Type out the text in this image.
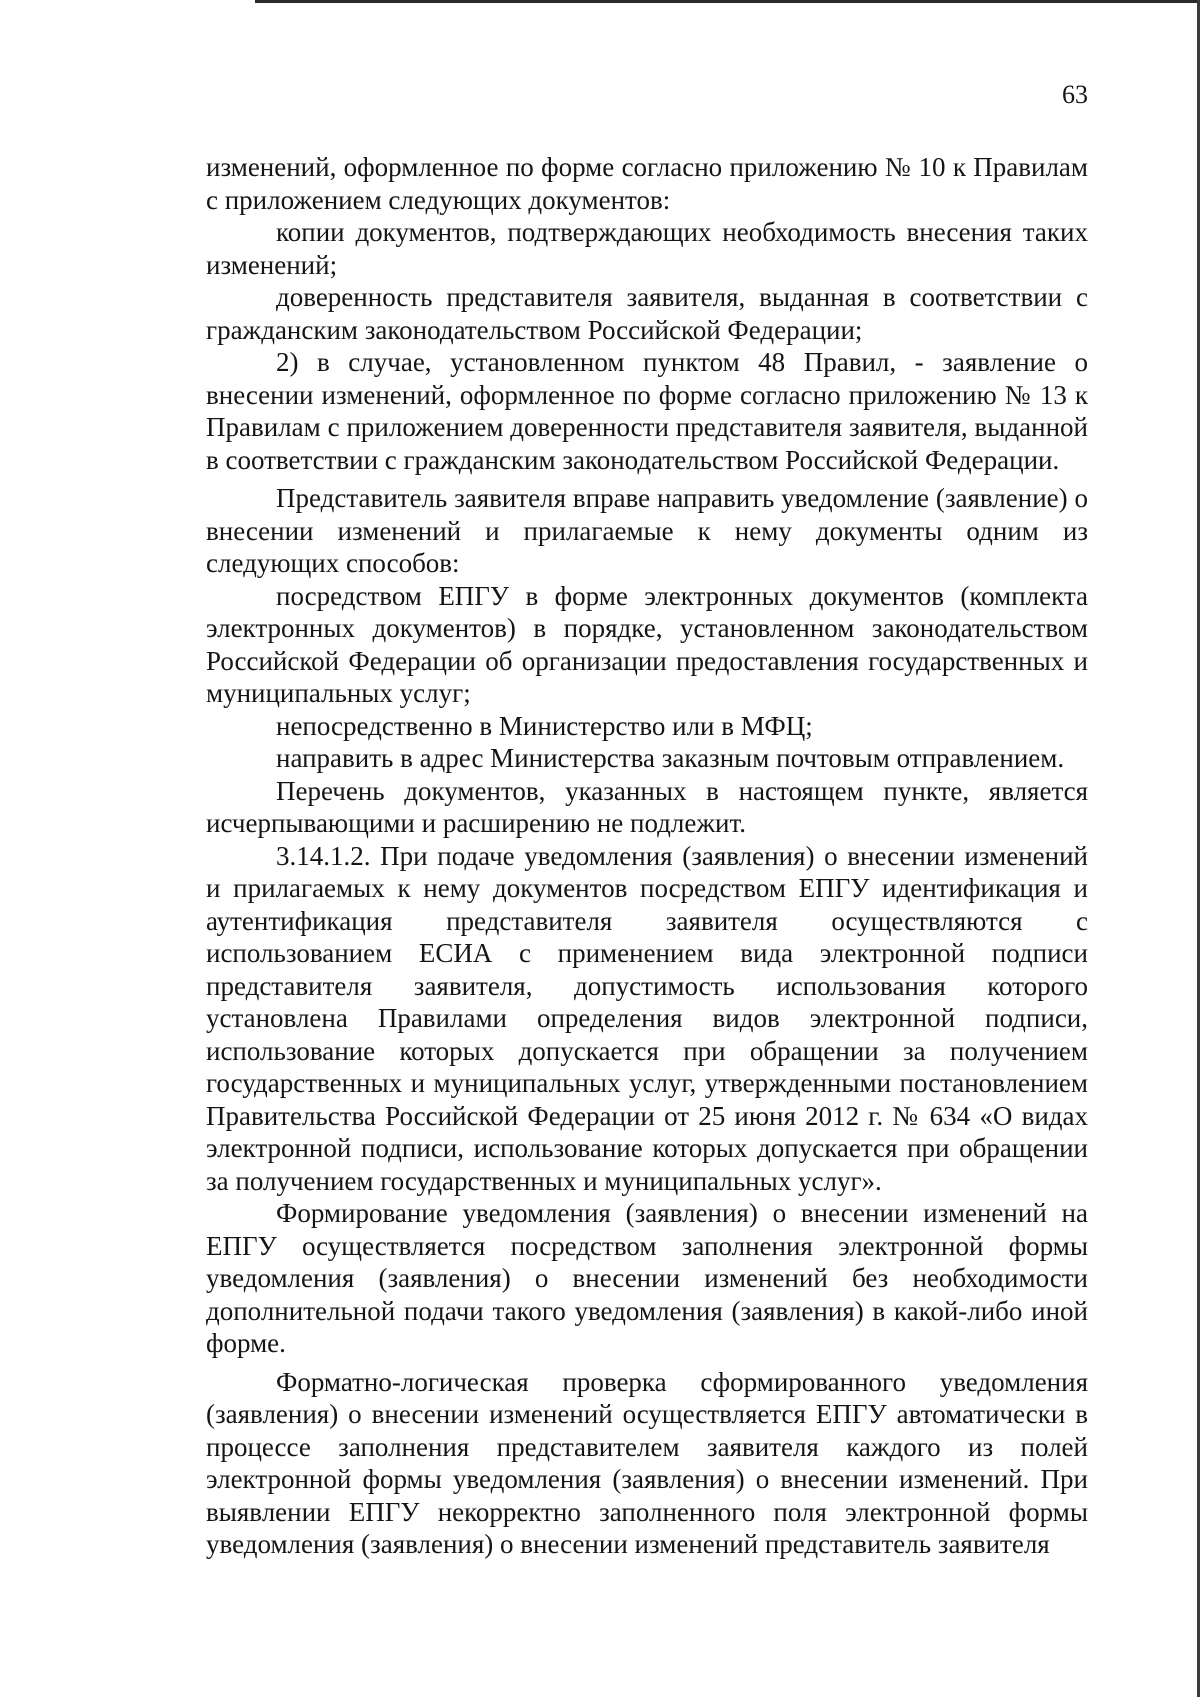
63

изменений, оформленное по форме согласно приложению № 10 к Правилам с приложением следующих документов:

копии документов, подтверждающих необходимость внесения таких изменений;

доверенность представителя заявителя, выданная в соответствии с гражданским законодательством Российской Федерации;

2) в случае, установленном пунктом 48 Правил, - заявление о внесении изменений, оформленное по форме согласно приложению № 13 к Правилам с приложением доверенности представителя заявителя, выданной в соответствии с гражданским законодательством Российской Федерации.

Представитель заявителя вправе направить уведомление (заявление) о внесении изменений и прилагаемые к нему документы одним из следующих способов:

посредством ЕПГУ в форме электронных документов (комплекта электронных документов) в порядке, установленном законодательством Российской Федерации об организации предоставления государственных и муниципальных услуг;

непосредственно в Министерство или в МФЦ;

направить в адрес Министерства заказным почтовым отправлением.

Перечень документов, указанных в настоящем пункте, является исчерпывающими и расширению не подлежит.

3.14.1.2. При подаче уведомления (заявления) о внесении изменений и прилагаемых к нему документов посредством ЕПГУ идентификация и аутентификация представителя заявителя осуществляются с использованием ЕСИА с применением вида электронной подписи представителя заявителя, допустимость использования которого установлена Правилами определения видов электронной подписи, использование которых допускается при обращении за получением государственных и муниципальных услуг, утвержденными постановлением Правительства Российской Федерации от 25 июня 2012 г. № 634 «О видах электронной подписи, использование которых допускается при обращении за получением государственных и муниципальных услуг».

Формирование уведомления (заявления) о внесении изменений на ЕПГУ осуществляется посредством заполнения электронной формы уведомления (заявления) о внесении изменений без необходимости дополнительной подачи такого уведомления (заявления) в какой-либо иной форме.

Форматно-логическая проверка сформированного уведомления (заявления) о внесении изменений осуществляется ЕПГУ автоматически в процессе заполнения представителем заявителя каждого из полей электронной формы уведомления (заявления) о внесении изменений. При выявлении ЕПГУ некорректно заполненного поля электронной формы уведомления (заявления) о внесении изменений представитель заявителя
